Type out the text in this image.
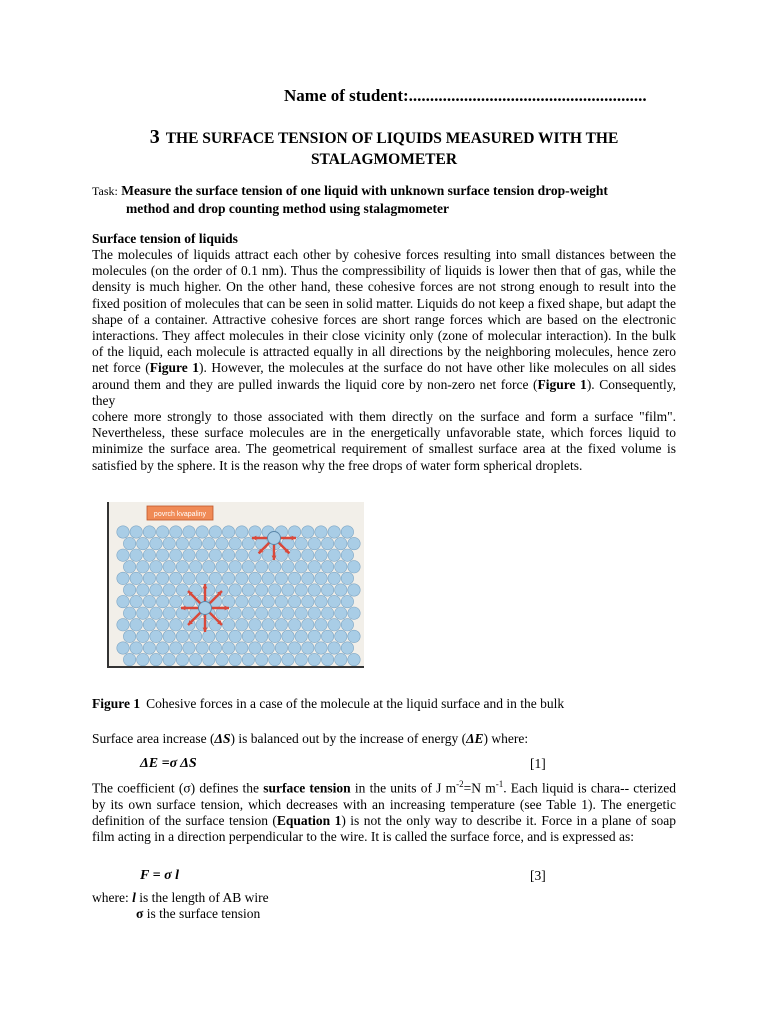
Name of student:........................................................
3 THE SURFACE TENSION OF LIQUIDS MEASURED WITH THE STALAGMOMETER
Task: Measure the surface tension of one liquid with unknown surface tension drop-weight
method and drop counting method using stalagmometer
Surface tension of liquids

The molecules of liquids attract each other by cohesive forces resulting into small distances between the molecules (on the order of 0.1 nm). Thus the compressibility of liquids is lower then that of gas, while the density is much higher. On the other hand, these cohesive forces are not strong enough to result into the fixed position of molecules that can be seen in solid matter. Liquids do not keep a fixed shape, but adapt the shape of a container. Attractive cohesive forces are short range forces which are based on the electronic interactions. They affect molecules in their close vicinity only (zone of molecular interaction). In the bulk of the liquid, each molecule is attracted equally in all directions by the neighboring molecules, hence zero net force (Figure 1). However, the molecules at the surface do not have other like molecules on all sides around them and they are pulled inwards the liquid core by non-zero net force (Figure 1). Consequently, they

cohere more strongly to those associated with them directly on the surface and form a surface "film". Nevertheless, these surface molecules are in the energetically unfavorable state, which forces liquid to minimize the surface area. The geometrical requirement of smallest surface area at the fixed volume is satisfied by the sphere. It is the reason why the free drops of water form spherical droplets.

povrch kvapaliny
Figure 1 Cohesive forces in a case of the molecule at the liquid surface and in the bulk
Surface area increase (ΔS) is balanced out by the increase of energy (ΔE) where:
ΔE =σ ΔS	[1]
The coefficient (σ) defines the surface tension in the units of J $m^{-2}=N$ $m^{-1}$. Each liquid is chara-- cterized by its own surface tension, which decreases with an increasing temperature (see Table 1). The energetic definition of the surface tension (Equation 1) is not the only way to describe it. Force in a plane of soap film acting in a direction perpendicular to the wire. It is called the surface force, and is expressed as:
F = σ l	[3]
where: l is the length of AB wire
σ is the surface tension
